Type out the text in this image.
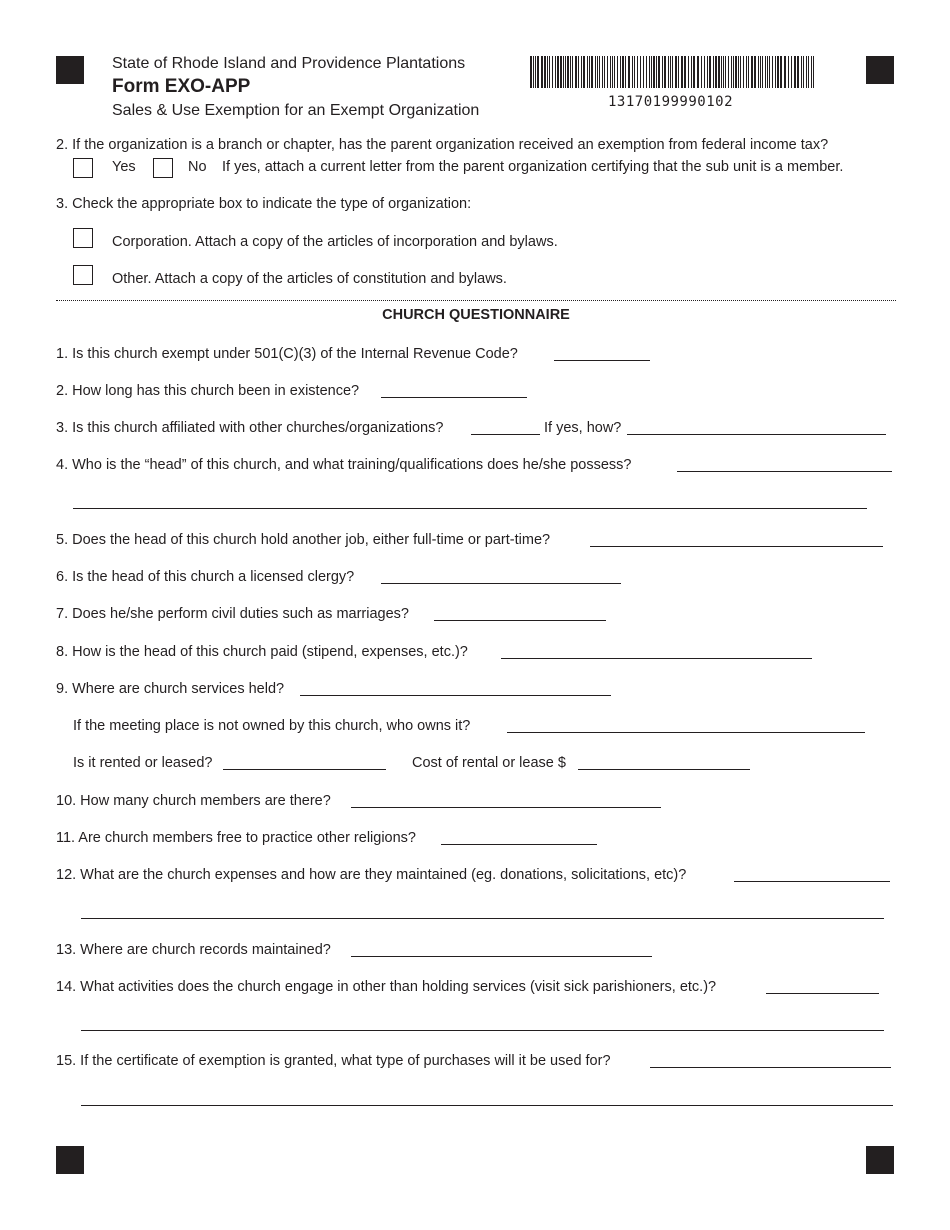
State of Rhode Island and Providence Plantations
Form EXO-APP
Sales & Use Exemption for an Exempt Organization	13170199990102
2. If the organization is a branch or chapter, has the parent organization received an exemption from federal income tax?
Yes	No If yes, attach a current letter from the parent organization certifying that the sub unit is a member.
3. Check the appropriate box to indicate the type of organization:
Corporation. Attach a copy of the articles of incorporation and bylaws.
Other. Attach a copy of the articles of constitution and bylaws.
CHURCH QUESTIONNAIRE
1. Is this church exempt under 501(C)(3) of the Internal Revenue Code?
2. How long has this church been in existence?
3. Is this church affiliated with other churches/organizations?	If yes, how?
4. Who is the “head” of this church, and what training/qualifications does he/she possess?
5. Does the head of this church hold another job, either full-time or part-time?
6. Is the head of this church a licensed clergy?
7. Does he/she perform civil duties such as marriages?
8. How is the head of this church paid (stipend, expenses, etc.)?
9. Where are church services held?
If the meeting place is not owned by this church, who owns it?
Is it rented or leased?	Cost of rental or lease $
10. How many church members are there?
11. Are church members free to practice other religions?
12. What are the church expenses and how are they maintained (eg. donations, solicitations, etc)?
13. Where are church records maintained?
14. What activities does the church engage in other than holding services (visit sick parishioners, etc.)?
15. If the certificate of exemption is granted, what type of purchases will it be used for?
